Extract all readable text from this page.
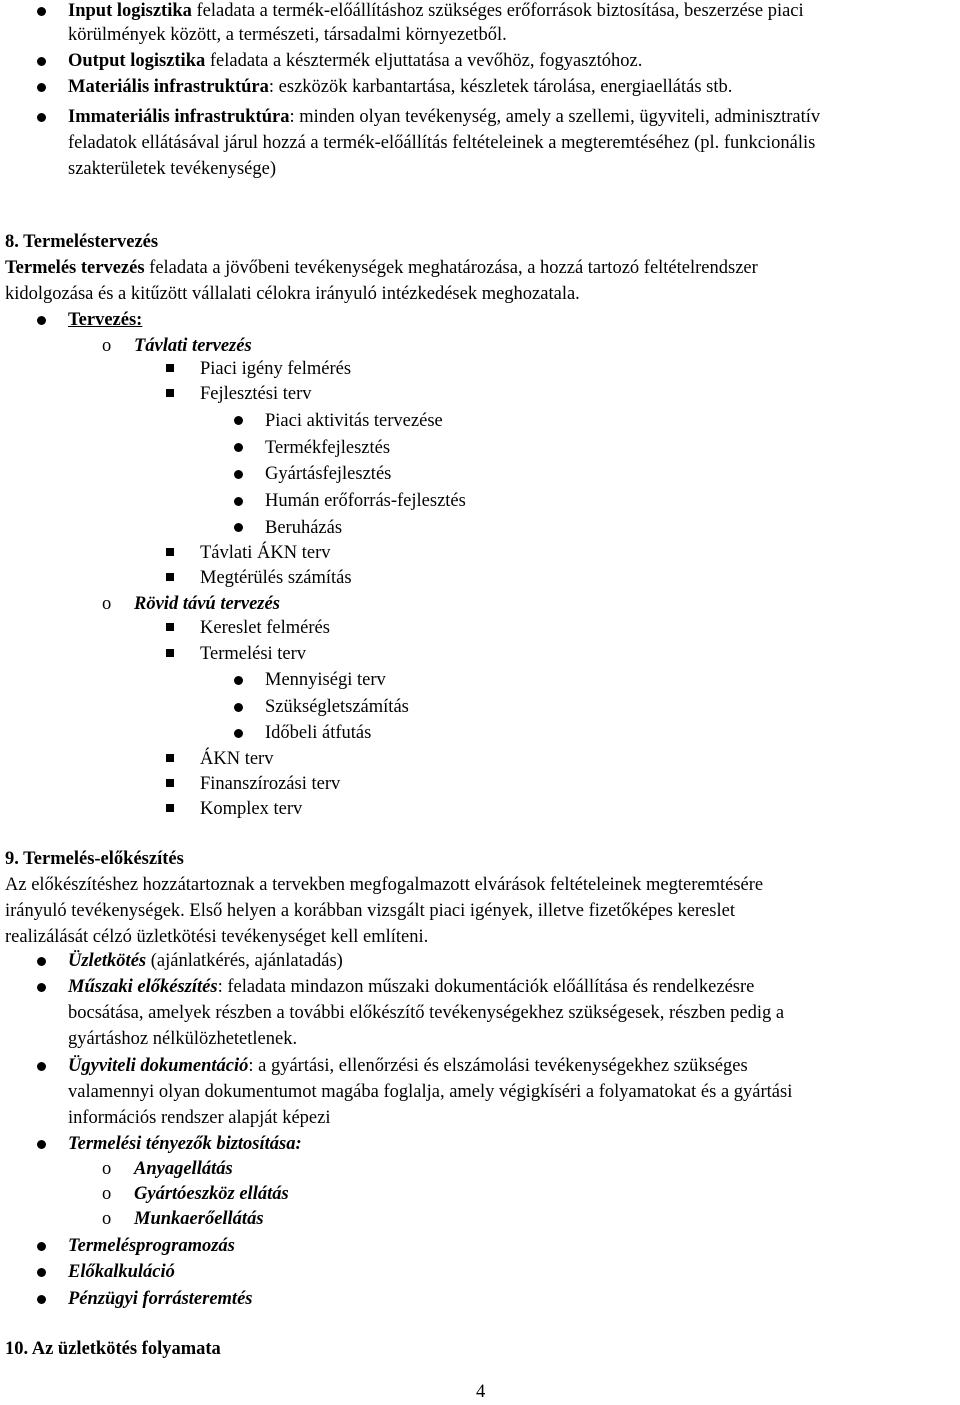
Input logisztika feladata a termék-előállításhoz szükséges erőforrások biztosítása, beszerzése piaci
körülmények között, a természeti, társadalmi környezetből.
Output logisztika feladata a késztermék eljuttatása a vevőhöz, fogyasztóhoz.
Materiális infrastruktúra: eszközök karbantartása, készletek tárolása, energiaellátás stb.
Immateriális infrastruktúra: minden olyan tevékenység, amely a szellemi, ügyviteli, adminisztratív
feladatok ellátásával járul hozzá a termék-előállítás feltételeinek a megteremtéséhez (pl. funkcionális
szakterületek tevékenysége)
8. Termeléstervezés
Termelés tervezés feladata a jövőbeni tevékenységek meghatározása, a hozzá tartozó feltételrendszer
kidolgozása és a kitűzött vállalati célokra irányuló intézkedések meghozatala.
Tervezés:
o Távlati tervezés
Piaci igény felmérés
Fejlesztési terv
Piaci aktivitás tervezése
Termékfejlesztés
Gyártásfejlesztés
Humán erőforrás-fejlesztés
Beruházás
Távlati ÁKN terv
Megtérülés számítás
o Rövid távú tervezés
Kereslet felmérés
Termelési terv
Mennyiségi terv
Szükségletszámítás
Időbeli átfutás
ÁKN terv
Finanszírozási terv
Komplex terv
9. Termelés-előkészítés
Az előkészítéshez hozzátartoznak a tervekben megfogalmazott elvárások feltételeinek megteremtésére
irányuló tevékenységek. Első helyen a korábban vizsgált piaci igények, illetve fizetőképes kereslet
realizálását célzó üzletkötési tevékenységet kell említeni.
Üzletkötés (ajánlatkérés, ajánlatadás)
Műszaki előkészítés: feladata mindazon műszaki dokumentációk előállítása és rendelkezésre
bocsátása, amelyek részben a további előkészítő tevékenységekhez szükségesek, részben pedig a
gyártáshoz nélkülözhetetlenek.
Ügyviteli dokumentáció: a gyártási, ellenőrzési és elszámolási tevékenységekhez szükséges
valamennyi olyan dokumentumot magába foglalja, amely végigkíséri a folyamatokat és a gyártási
információs rendszer alapját képezi
Termelési tényezők biztosítása:
o Anyagellátás
o Gyártóeszköz ellátás
o Munkaerőellátás
Termelésprogramozás
Előkalkuláció
Pénzügyi forrásteremtés
10. Az üzletkötés folyamata
4
